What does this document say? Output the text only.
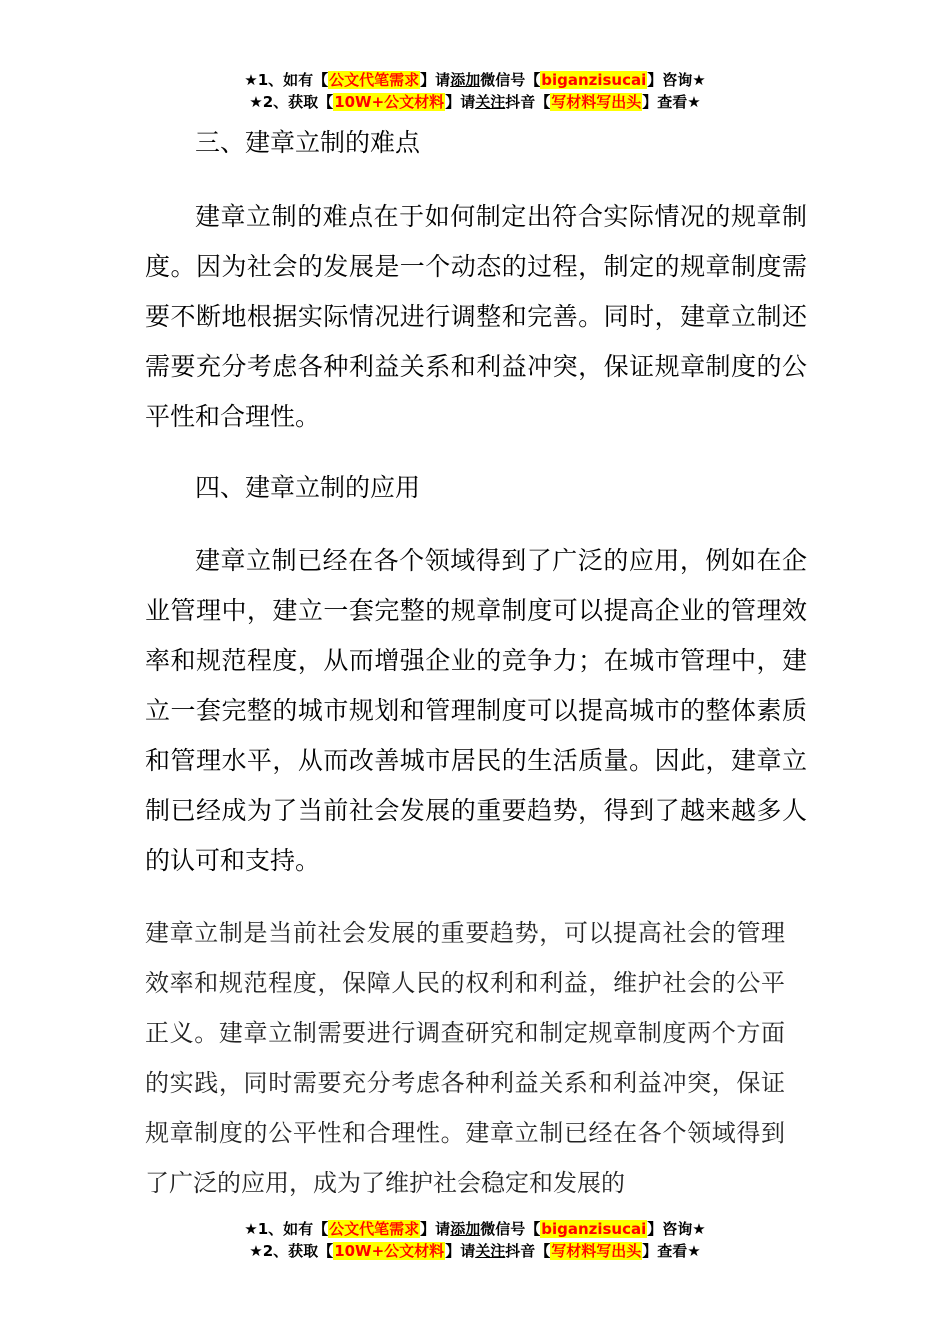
★1、如有【公文代笔需求】请添加微信号【biganzisucai】咨询★
★2、获取【10W+公文材料】请关注抖音【写材料写出头】查看★
三、建章立制的难点
建章立制的难点在于如何制定出符合实际情况的规章制度。因为社会的发展是一个动态的过程，制定的规章制度需要不断地根据实际情况进行调整和完善。同时，建章立制还需要充分考虑各种利益关系和利益冲突，保证规章制度的公平性和合理性。
四、建章立制的应用
建章立制已经在各个领域得到了广泛的应用，例如在企业管理中，建立一套完整的规章制度可以提高企业的管理效率和规范程度，从而增强企业的竞争力；在城市管理中，建立一套完整的城市规划和管理制度可以提高城市的整体素质和管理水平，从而改善城市居民的生活质量。因此，建章立制已经成为了当前社会发展的重要趋势，得到了越来越多人的认可和支持。
建章立制是当前社会发展的重要趋势，可以提高社会的管理效率和规范程度，保障人民的权利和利益，维护社会的公平正义。建章立制需要进行调查研究和制定规章制度两个方面的实践，同时需要充分考虑各种利益关系和利益冲突，保证规章制度的公平性和合理性。建章立制已经在各个领域得到了广泛的应用，成为了维护社会稳定和发展的
★1、如有【公文代笔需求】请添加微信号【biganzisucai】咨询★
★2、获取【10W+公文材料】请关注抖音【写材料写出头】查看★
